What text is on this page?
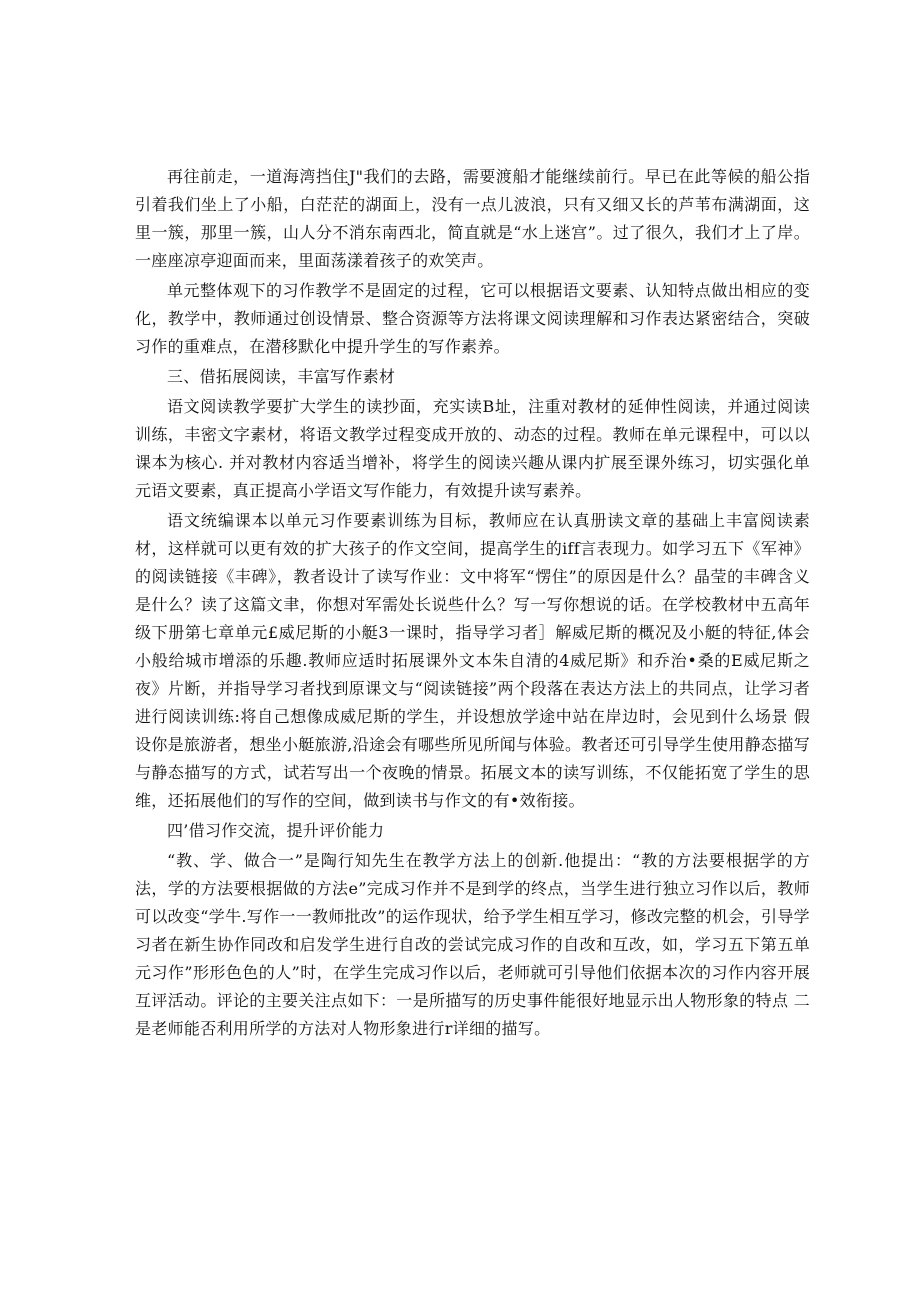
再往前走，一道海湾挡住J"我们的去路，需要渡船才能继续前行。早已在此等候的船公指引着我们坐上了小船，白茫茫的湖面上，没有一点儿波浪，只有又细又长的芦苇布满湖面，这里一簇，那里一簇，山人分不消东南西北，简直就是“水上迷宫”。过了很久，我们才上了岸。一座座凉亭迎面而来，里面荡漾着孩子的欢笑声。

单元整体观下的习作教学不是固定的过程，它可以根据语文要素、认知特点做出相应的变化，教学中，教师通过创设情景、整合资源等方法将课文阅读理解和习作表达紧密结合，突破习作的重难点，在潜移默化中提升学生的写作素养。

三、借拓展阅读，丰富写作素材

语文阅读教学要扩大学生的读抄面，充实读B址，注重对教材的延伸性阅读，并通过阅读训练，丰密文字素材，将语文教学过程变成开放的、动态的过程。教师在单元课程中，可以以课本为核心. 并对教材内容适当增补，将学生的阅读兴趣从课内扩展至课外练习，切实强化单元语文要素，真正提高小学语文写作能力，有效提升读写素养。

语文统编课本以单元习作要素训练为目标，教师应在认真册读文章的基础上丰富阅读素材，这样就可以更有效的扩大孩子的作文空间，提高学生的iff言表现力。如学习五下《军神》的阅读链接《丰碑》，教者设计了读写作业：文中将军“愣住”的原因是什么？晶莹的丰碑含义是什么？读了这篇文聿，你想对军需处长说些什么？写一写你想说的话。在学校教材中五高年级下册第七章单元£威尼斯的小艇3一课时，指导学习者］解威尼斯的概况及小艇的特征,体会小般给城市增添的乐趣.教师应适时拓展课外文本朱自清的4威尼斯》和乔治•桑的E威尼斯之夜》片断，并指导学习者找到原课文与“阅读链接”两个段落在表达方法上的共同点，让学习者进行阅读训练:将自己想像成威尼斯的学生，并设想放学途中站在岸边时，会见到什么场景 假设你是旅游者，想坐小艇旅游,沿途会有哪些所见所闻与体验。教者还可引导学生使用静态描写与静态描写的方式，试若写出一个夜晚的情景。拓展文本的读写训练，不仅能拓宽了学生的思维，还拓展他们的写作的空间，做到读书与作文的有•效衔接。

四’借习作交流，提升评价能力

“教、学、做合一”是陶行知先生在教学方法上的创新.他提出：“教的方法要根据学的方法，学的方法要根据做的方法e”完成习作并不是到学的终点，当学生进行独立习作以后，教师可以改变“学牛.写作一一教师批改”的运作现状，给予学生相互学习，修改完整的机会，引导学习者在新生协作同改和启发学生进行自改的尝试完成习作的自改和互改，如，学习五下第五单元习作”形形色色的人”时，在学生完成习作以后，老师就可引导他们依据本次的习作内容开展互评活动。评论的主要关注点如下：一是所描写的历史事件能很好地显示出人物形象的特点 二是老师能否利用所学的方法对人物形象进行r详细的描写。
